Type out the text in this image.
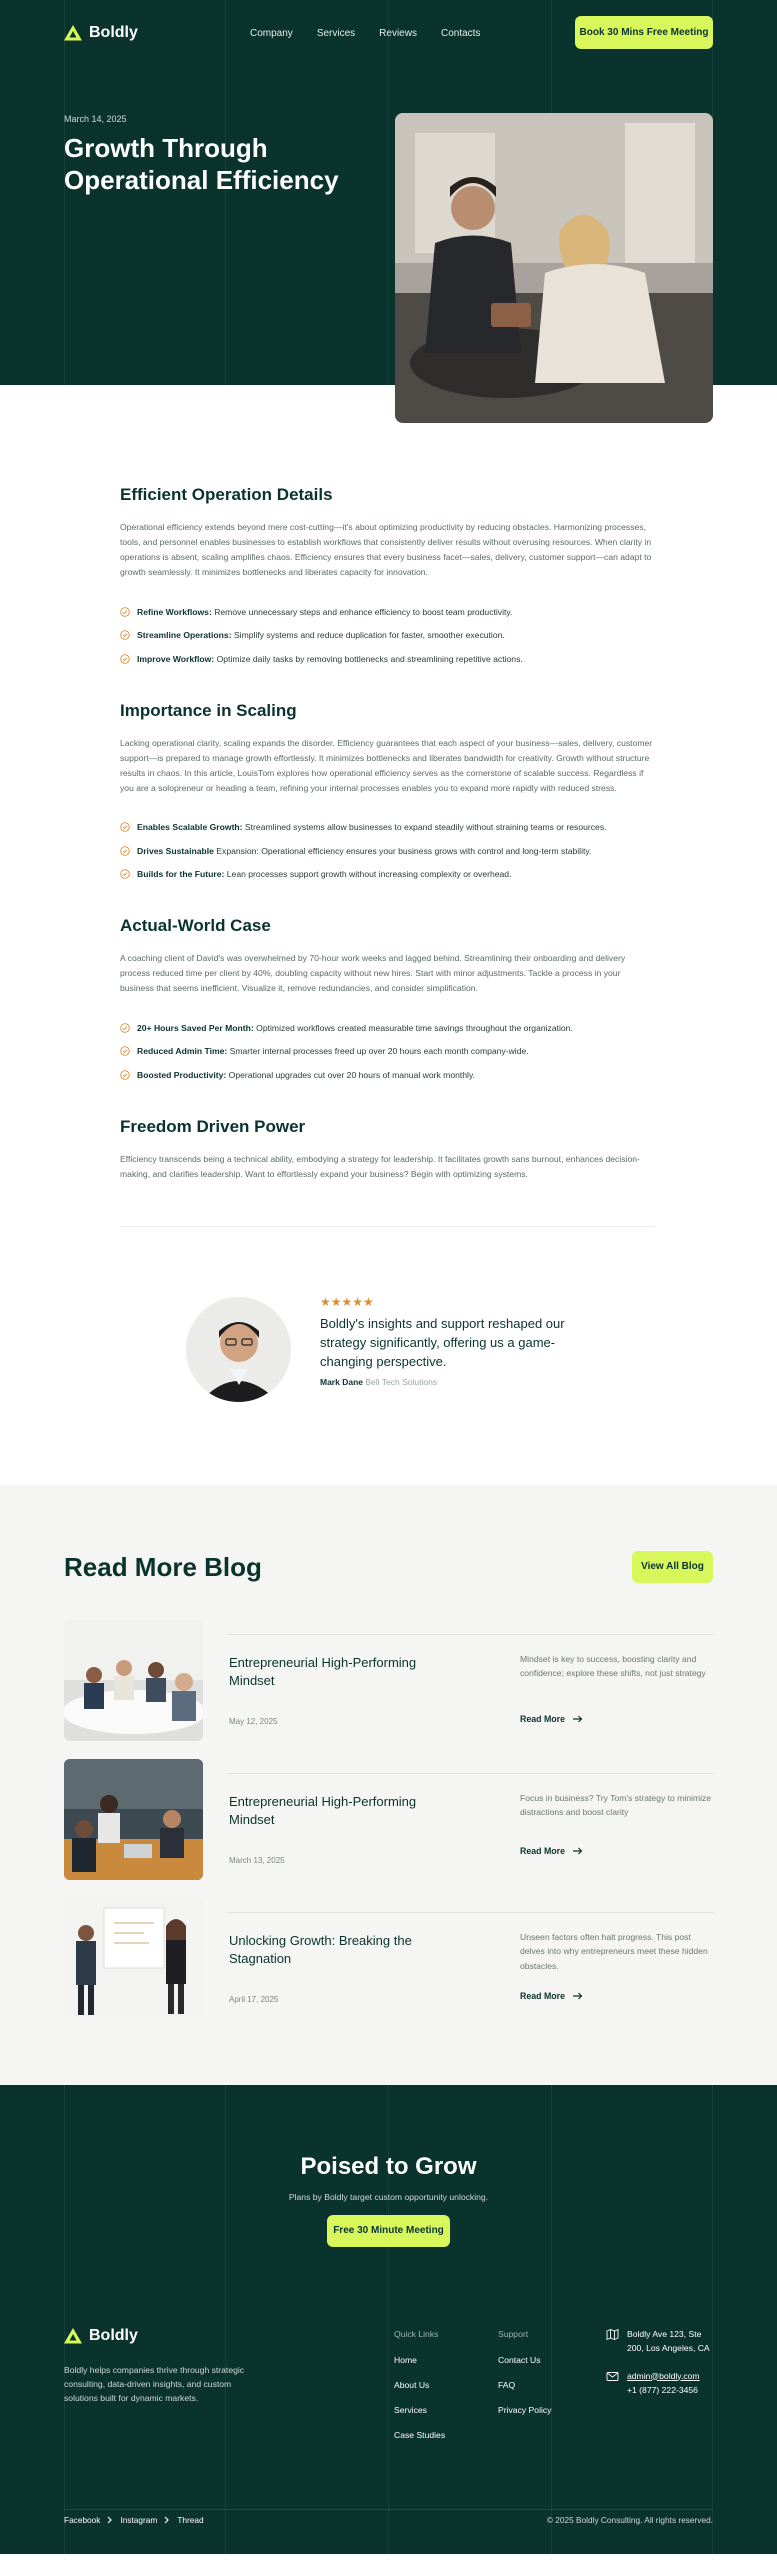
Boldly	Company Services Reviews Contacts	Book 30 Mins Free Meeting
March 14, 2025
Growth Through Operational Efficiency
Efficient Operation Details

Operational efficiency extends beyond mere cost-cutting—it's about optimizing productivity by reducing obstacles. Harmonizing processes, tools, and personnel enables businesses to establish workflows that consistently deliver results without overusing resources. When clarity in operations is absent, scaling amplifies chaos. Efficiency ensures that every business facet—sales, delivery, customer support—can adapt to growth seamlessly. It minimizes bottlenecks and liberates capacity for innovation.

Refine Workflows: Remove unnecessary steps and enhance efficiency to boost team productivity.
Streamline Operations: Simplify systems and reduce duplication for faster, smoother execution.
Improve Workflow: Optimize daily tasks by removing bottlenecks and streamlining repetitive actions.
Importance in Scaling

Lacking operational clarity, scaling expands the disorder. Efficiency guarantees that each aspect of your business—sales, delivery, customer support—is prepared to manage growth effortlessly. It minimizes bottlenecks and liberates bandwidth for creativity. Growth without structure results in chaos. In this article, LouisTom explores how operational efficiency serves as the cornerstone of scalable success. Regardless if you are a solopreneur or heading a team, refining your internal processes enables you to expand more rapidly with reduced stress.

Enables Scalable Growth: Streamlined systems allow businesses to expand steadily without straining teams or resources.
Drives Sustainable Expansion: Operational efficiency ensures your business grows with control and long-term stability.
Builds for the Future: Lean processes support growth without increasing complexity or overhead.
Actual-World Case

A coaching client of David's was overwhelmed by 70-hour work weeks and lagged behind. Streamlining their onboarding and delivery process reduced time per client by 40%, doubling capacity without new hires. Start with minor adjustments. Tackle a process in your business that seems inefficient. Visualize it, remove redundancies, and consider simplification.

20+ Hours Saved Per Month: Optimized workflows created measurable time savings throughout the organization.
Reduced Admin Time: Smarter internal processes freed up over 20 hours each month company-wide.
Boosted Productivity: Operational upgrades cut over 20 hours of manual work monthly.
Freedom Driven Power

Efficiency transcends being a technical ability, embodying a strategy for leadership. It facilitates growth sans burnout, enhances decision-making, and clarifies leadership. Want to effortlessly expand your business? Begin with optimizing systems.

★★★★★
Boldly's insights and support reshaped our strategy significantly, offering us a game-changing perspective.
Mark Dane Bell Tech Solutions
Read More Blog	View All Blog
Entrepreneurial High-Performing Mindset
May 12, 2025
Mindset is key to success, boosting clarity and confidence; explore these shifts, not just strategy
Read More
Entrepreneurial High-Performing Mindset
March 13, 2025
Focus in business? Try Tom's strategy to minimize distractions and boost clarity
Read More
Unlocking Growth: Breaking the Stagnation
April 17, 2025
Unseen factors often halt progress. This post delves into why entrepreneurs meet these hidden obstacles.
Read More
Poised to Grow
Plans by Boldly target custom opportunity unlocking.
Free 30 Minute Meeting
Boldly
Boldly helps companies thrive through strategic consulting, data-driven insights, and custom solutions built for dynamic markets.
Quick Links
Home
About Us
Services
Case Studies
Support
Contact Us
FAQ
Privacy Policy
Boldly Ave 123, Ste
200, Los Angeles, CA
admin@boldly.com
+1 (877) 222-3456
Facebook Instagram Thread	© 2025 Boldly Consulting. All rights reserved.
